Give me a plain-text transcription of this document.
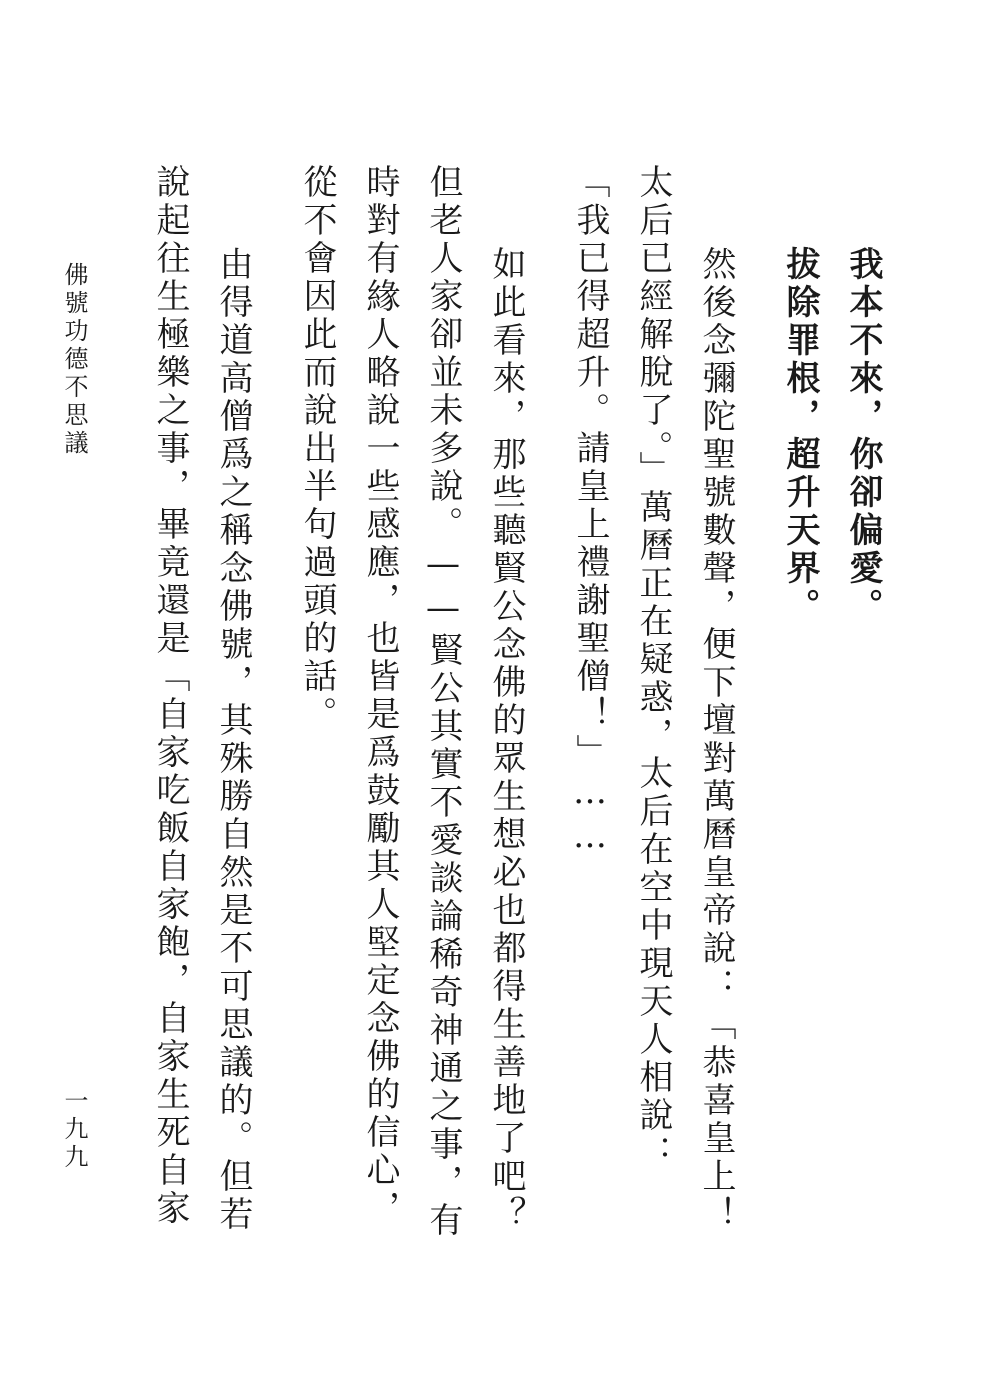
我本不來，你卻偏愛。
拔除罪根，超升天界。
然後念彌陀聖號數聲，便下壇對萬曆皇帝說：「恭喜皇上！
太后已經解脫了。」萬曆正在疑惑，太后在空中現天人相說：
「我已得超升。請皇上禮謝聖僧！」……
如此看來，那些聽賢公念佛的眾生想必也都得生善地了吧？
但老人家卻並未多說。——賢公其實不愛談論稀奇神通之事，有
時對有緣人略說一些感應，也皆是爲鼓勵其人堅定念佛的信心，
從不會因此而說出半句過頭的話。
由得道高僧爲之稱念佛號，其殊勝自然是不可思議的。但若
說起往生極樂之事，畢竟還是「自家吃飯自家飽，自家生死自家
佛號功德不思議
一九九
